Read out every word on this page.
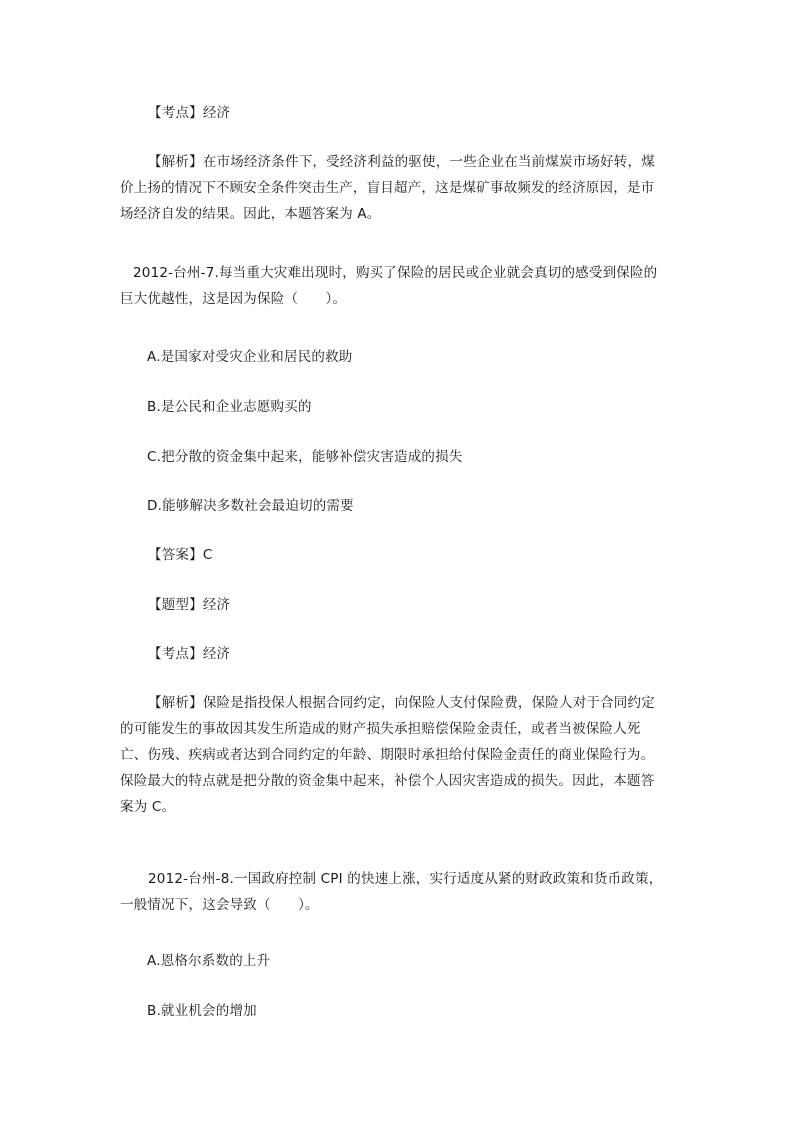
【考点】经济

【解析】在市场经济条件下，受经济利益的驱使，一些企业在当前煤炭市场好转，煤价上扬的情况下不顾安全条件突击生产，盲目超产，这是煤矿事故频发的经济原因，是市场经济自发的结果。因此，本题答案为 A。

2012-台州-7.每当重大灾难出现时，购买了保险的居民或企业就会真切的感受到保险的巨大优越性，这是因为保险（　　）。

A.是国家对受灾企业和居民的救助

B.是公民和企业志愿购买的

C.把分散的资金集中起来，能够补偿灾害造成的损失

D.能够解决多数社会最迫切的需要

【答案】C

【题型】经济

【考点】经济

【解析】保险是指投保人根据合同约定，向保险人支付保险费，保险人对于合同约定的可能发生的事故因其发生所造成的财产损失承担赔偿保险金责任，或者当被保险人死亡、伤残、疾病或者达到合同约定的年龄、期限时承担给付保险金责任的商业保险行为。保险最大的特点就是把分散的资金集中起来，补偿个人因灾害造成的损失。因此，本题答案为 C。

2012-台州-8.一国政府控制 CPI 的快速上涨，实行适度从紧的财政政策和货币政策，一般情况下，这会导致（　　）。

A.恩格尔系数的上升

B.就业机会的增加
